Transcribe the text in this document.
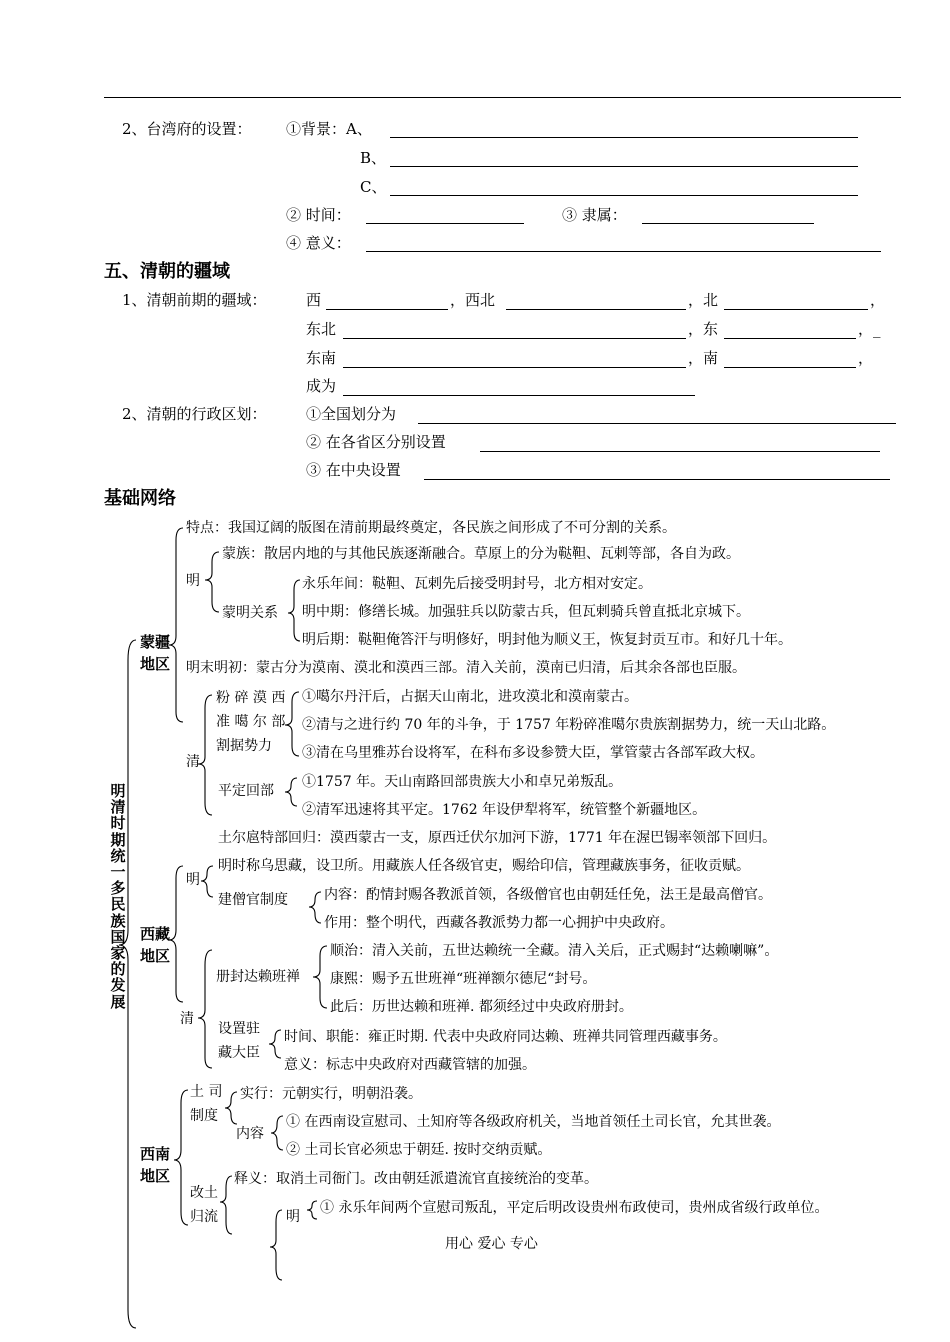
2、台湾府的设置： ①背景：A、
B、
C、
② 时间：	③ 隶属：
④ 意义：
五、清朝的疆域
1、清朝前期的疆域：	西	，西北	，北	，
东北	，东	，_
东南	，南	，
成为
2、清朝的行政区划：	①全国划分为
② 在各省区分别设置
③ 在中央设置
基础网络
明清时期统一多民族国家的发展
蒙疆地区
特点：我国辽阔的版图在清前期最终奠定，各民族之间形成了不可分割的关系。
明
蒙族：散居内地的与其他民族逐渐融合。草原上的分为鞑靼、瓦剌等部，各自为政。
蒙明关系
永乐年间：鞑靼、瓦剌先后接受明封号，北方相对安定。
明中期：修缮长城。加强驻兵以防蒙古兵，但瓦剌骑兵曾直抵北京城下。
明后期：鞑靼俺答汗与明修好，明封他为顺义王，恢复封贡互市。和好几十年。
明末明初：蒙古分为漠南、漠北和漠西三部。清入关前，漠南已归清，后其余各部也臣服。
清
粉 碎 漠 西
准 噶 尔 部
割据势力
①噶尔丹汗后，占据天山南北，进攻漠北和漠南蒙古。
②清与之进行约 70 年的斗争，于 1757 年粉碎准噶尔贵族割据势力，统一天山北路。
③清在乌里雅苏台设将军，在科布多设参赞大臣，掌管蒙古各部军政大权。
平定回部
①1757 年。天山南路回部贵族大小和卓兄弟叛乱。
②清军迅速将其平定。1762 年设伊犁将军，统管整个新疆地区。
土尔扈特部回归：漠西蒙古一支，原西迁伏尔加河下游，1771 年在渥巴锡率领部下回归。
西藏地区
明
明时称乌思藏，设卫所。用藏族人任各级官吏，赐给印信，管理藏族事务，征收贡赋。
建僧官制度	内容：酌情封赐各教派首领，各级僧官也由朝廷任免，法王是最高僧官。
作用：整个明代，西藏各教派势力都一心拥护中央政府。
清
册封达赖班禅
顺治：清入关前，五世达赖统一全藏。清入关后，正式赐封“达赖喇嘛”。
康熙：赐予五世班禅“班禅额尔德尼“封号。
此后：历世达赖和班禅. 都须经过中央政府册封。
设置驻
藏大臣
时间、职能：雍正时期. 代表中央政府同达赖、班禅共同管理西藏事务。
意义：标志中央政府对西藏管辖的加强。
西南地区
土 司
制度
实行：元朝实行，明朝沿袭。
内容
① 在西南设宣慰司、土知府等各级政府机关，当地首领任土司长官，允其世袭。
② 土司长官必须忠于朝廷. 按时交纳贡赋。
改土
归流
释义：取消土司衙门。改由朝廷派遣流官直接统治的变革。
明
① 永乐年间两个宣慰司叛乱，平定后明改设贵州布政使司，贵州成省级行政单位。
用心 爱心 专心
